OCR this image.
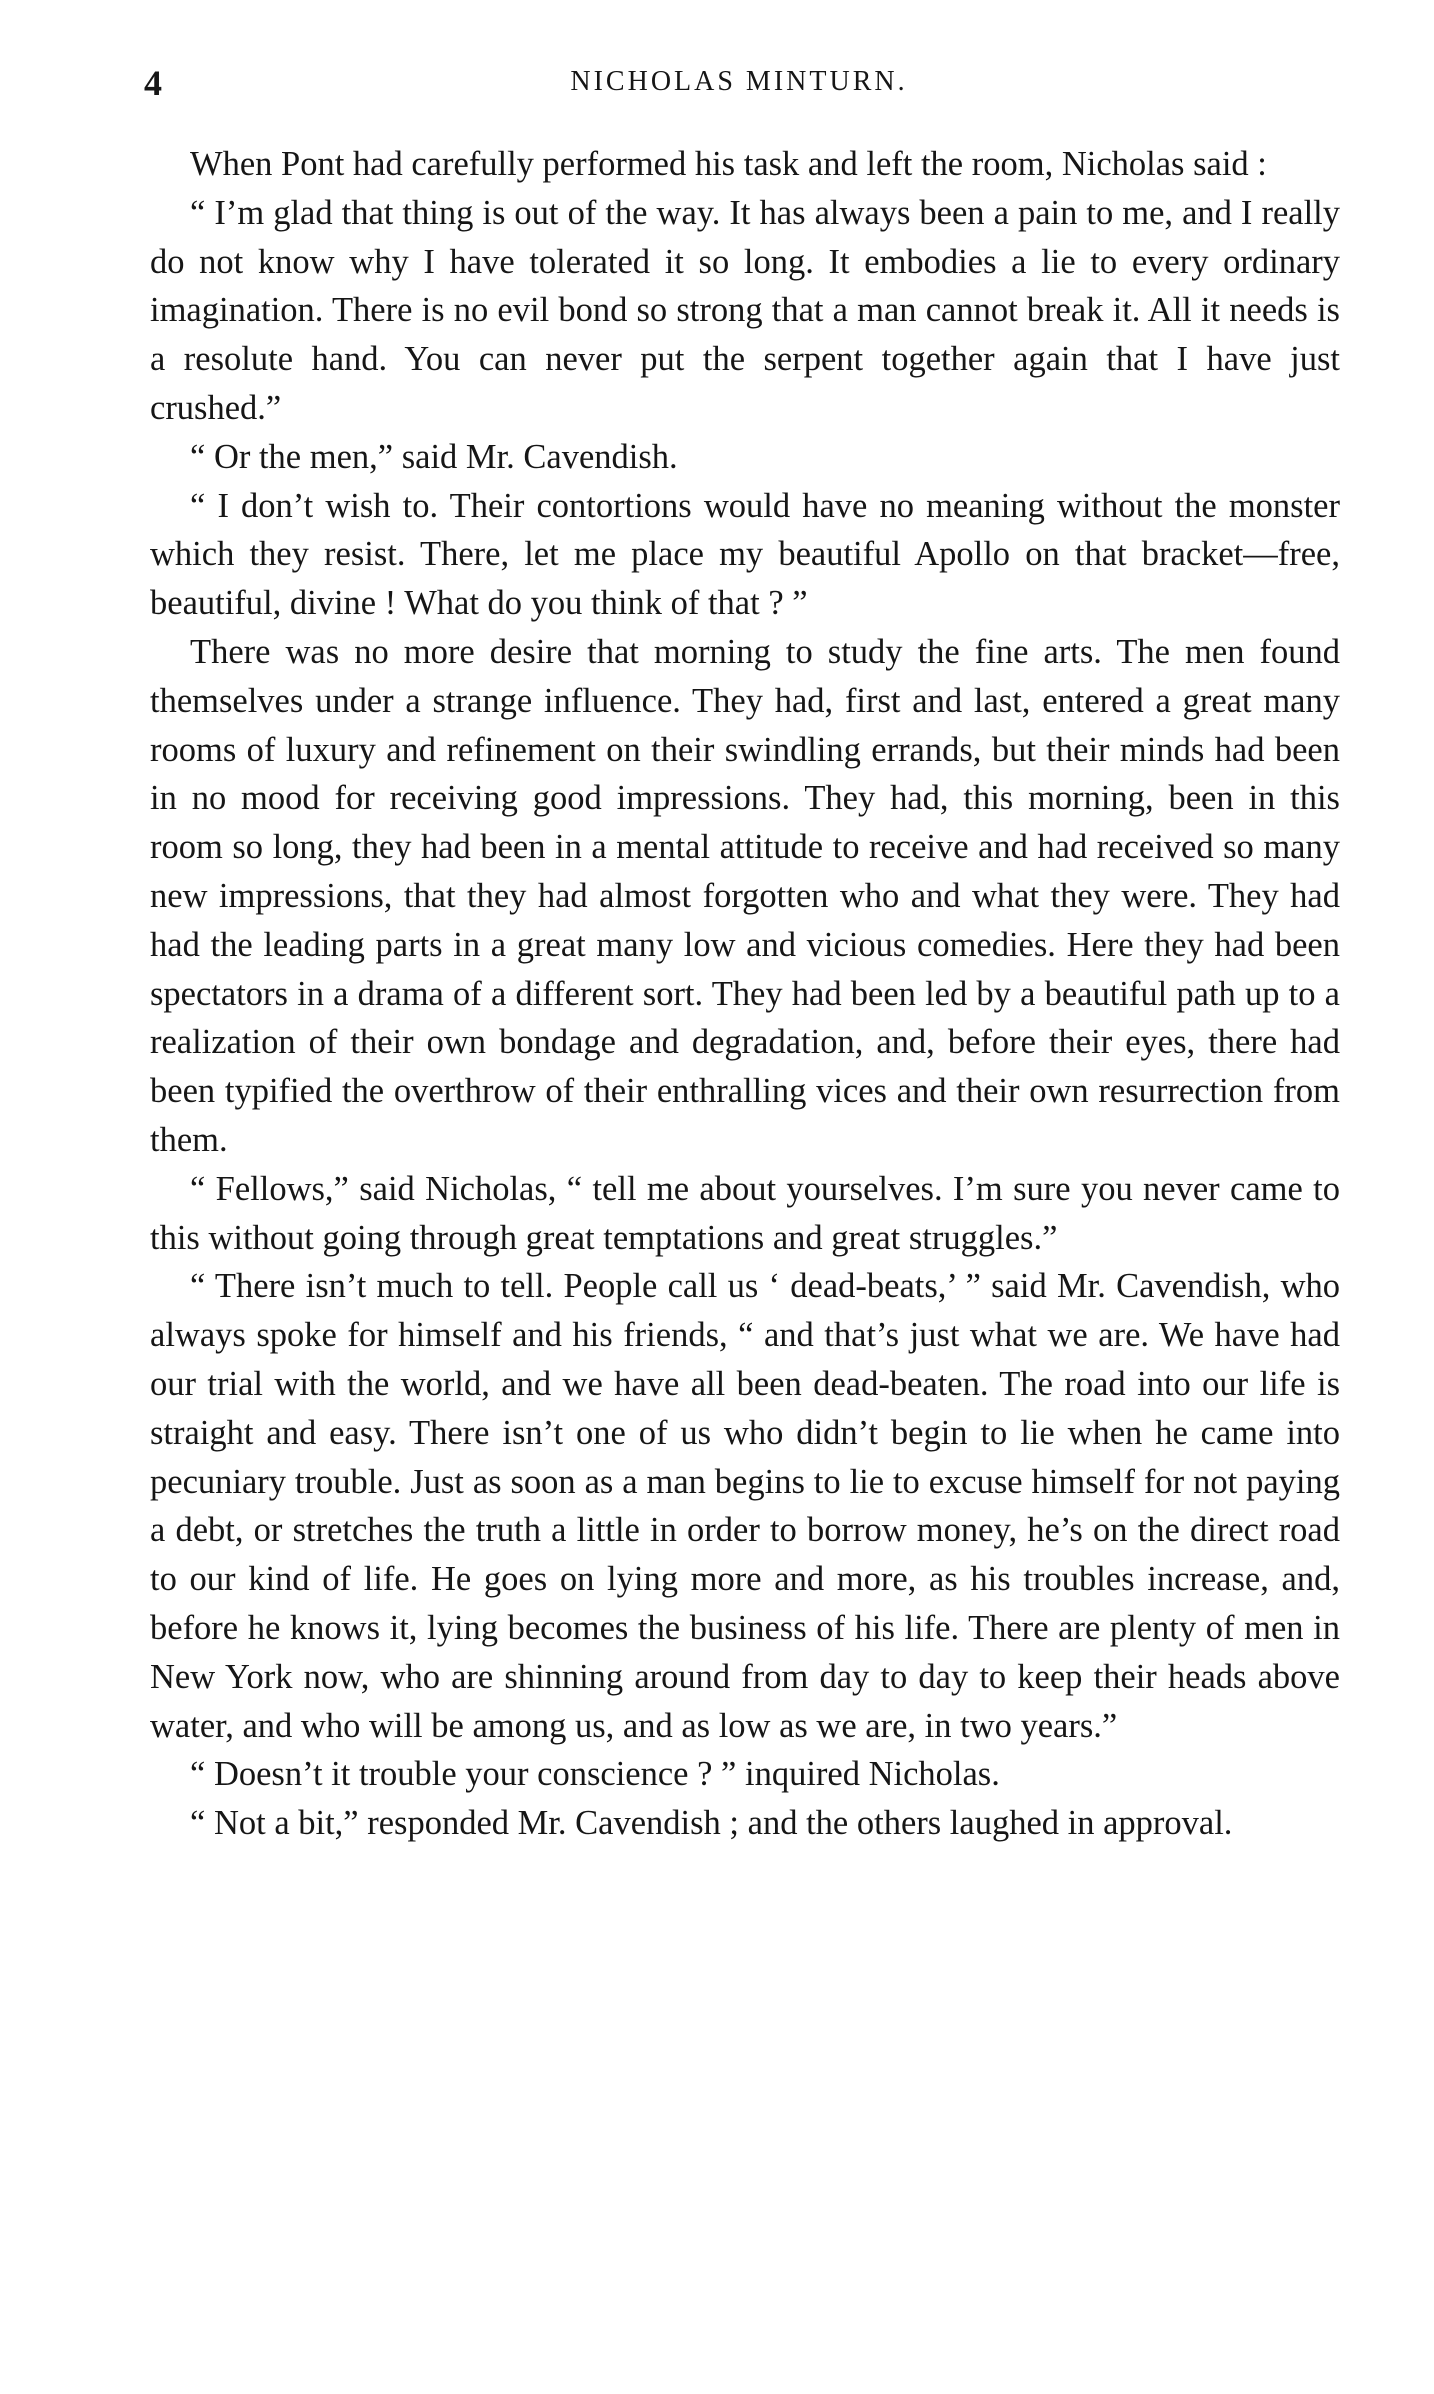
4	NICHOLAS MINTURN.

When Pont had carefully performed his task and left the room, Nicholas said :

“ I’m glad that thing is out of the way. It has always been a pain to me, and I really do not know why I have tolerated it so long. It embodies a lie to every ordinary imagination. There is no evil bond so strong that a man cannot break it. All it needs is a resolute hand. You can never put the serpent together again that I have just crushed.”

“ Or the men,” said Mr. Cavendish.

“ I don’t wish to. Their contortions would have no meaning without the monster which they resist. There, let me place my beautiful Apollo on that bracket—free, beautiful, divine ! What do you think of that ? ”

There was no more desire that morning to study the fine arts. The men found themselves under a strange influence. They had, first and last, entered a great many rooms of luxury and refinement on their swindling errands, but their minds had been in no mood for receiving good impressions. They had, this morning, been in this room so long, they had been in a mental attitude to receive and had received so many new impressions, that they had almost forgotten who and what they were. They had had the leading parts in a great many low and vicious comedies. Here they had been spectators in a drama of a different sort. They had been led by a beautiful path up to a realization of their own bondage and degradation, and, before their eyes, there had been typified the overthrow of their enthralling vices and their own resurrection from them.

“ Fellows,” said Nicholas, “ tell me about yourselves. I’m sure you never came to this without going through great temptations and great struggles.”

“ There isn’t much to tell. People call us ‘ dead-beats,’ ” said Mr. Cavendish, who always spoke for himself and his friends, “ and that’s just what we are. We have had our trial with the world, and we have all been dead-beaten. The road into our life is straight and easy. There isn’t one of us who didn’t begin to lie when he came into pecuniary trouble. Just as soon as a man begins to lie to excuse himself for not paying a debt, or stretches the truth a little in order to borrow money, he’s on the direct road to our kind of life. He goes on lying more and more, as his troubles increase, and, before he knows it, lying becomes the business of his life. There are plenty of men in New York now, who are shinning around from day to day to keep their heads above water, and who will be among us, and as low as we are, in two years.”

“ Doesn’t it trouble your conscience ? ” inquired Nicholas.

“ Not a bit,” responded Mr. Cavendish ; and the others laughed in approval.
